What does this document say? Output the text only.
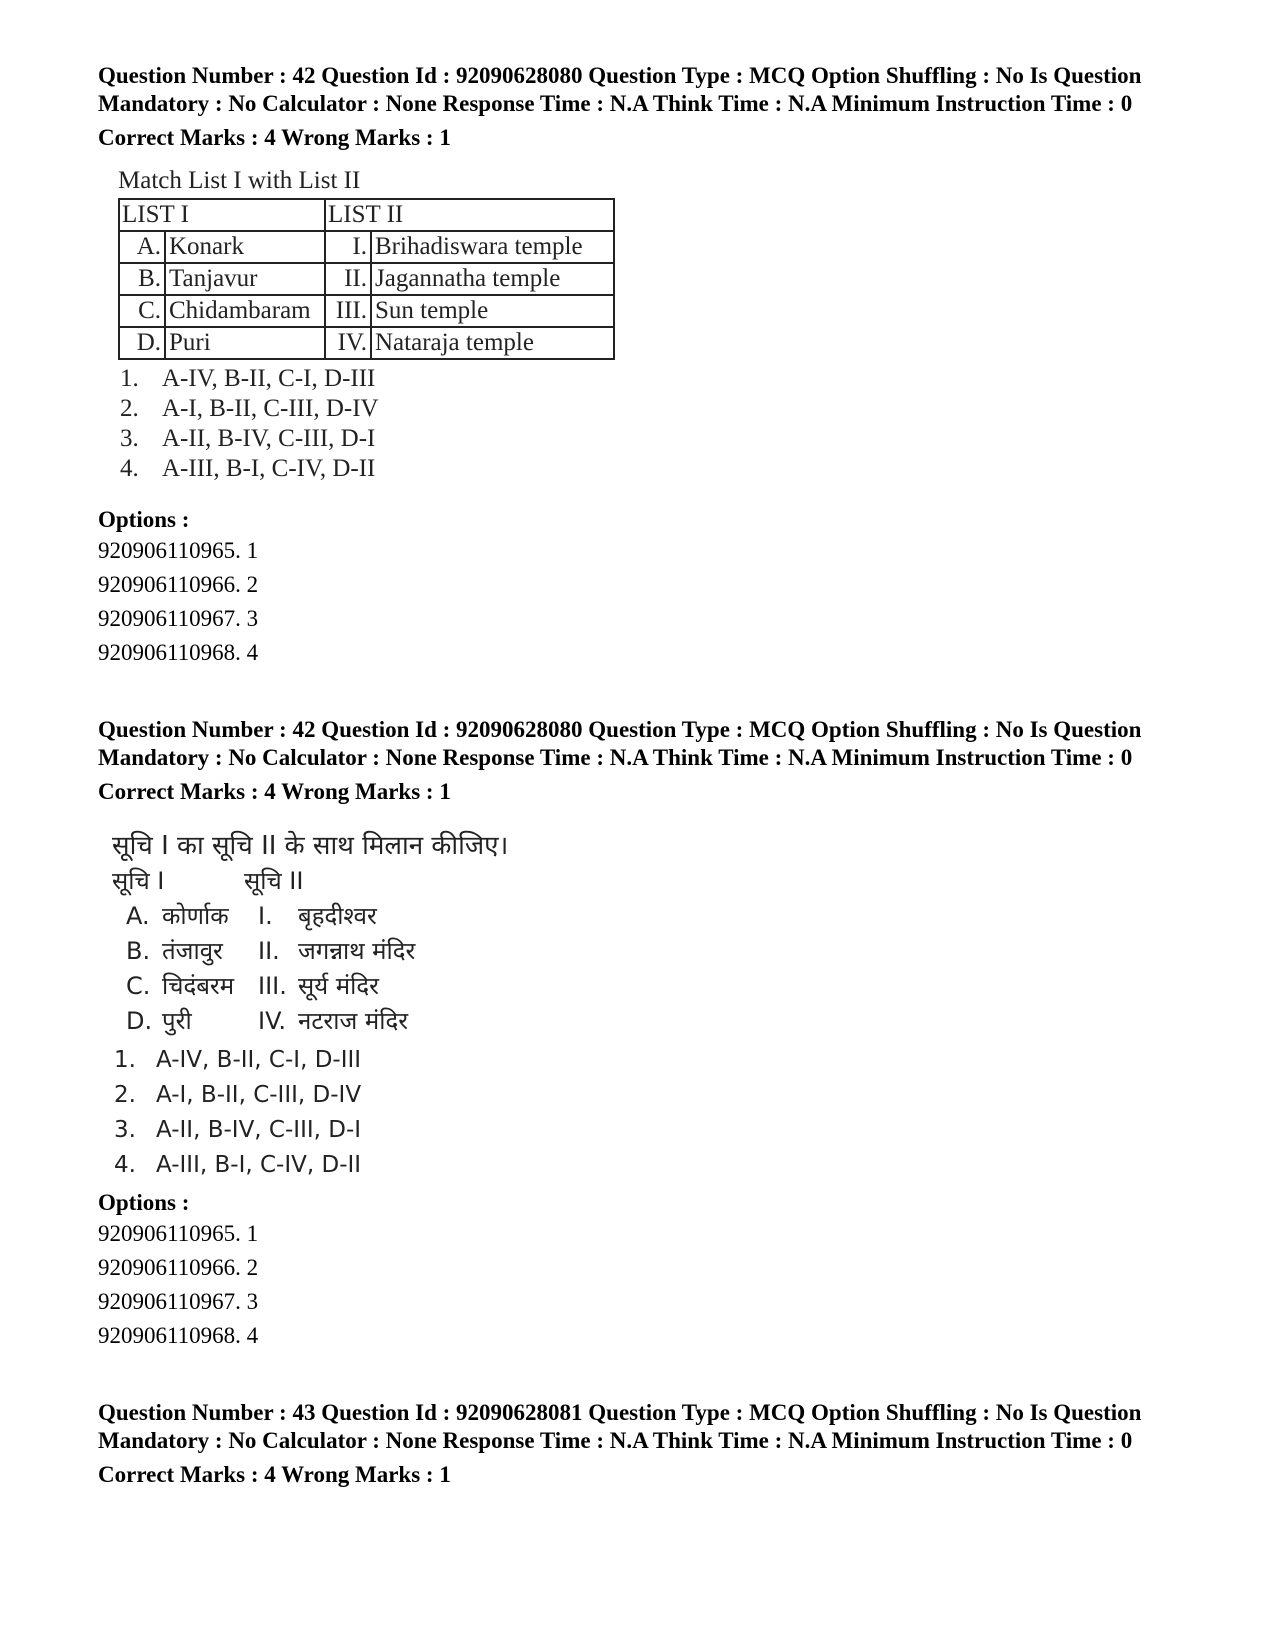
Question Number : 42 Question Id : 92090628080 Question Type : MCQ Option Shuffling : No Is Question Mandatory : No Calculator : None Response Time : N.A Think Time : N.A Minimum Instruction Time : 0

Correct Marks : 4 Wrong Marks : 1
Match List I with List II
LIST I		LIST II	
A.	Konark	I.	Brihadiswara temple
B.	Tanjavur	II.	Jagannatha temple
C.	Chidambaram	III.	Sun temple
D.	Puri	IV.	Nataraja temple
1. A-IV, B-II, C-I, D-III
2. A-I, B-II, C-III, D-IV
3. A-II, B-IV, C-III, D-I
4. A-III, B-I, C-IV, D-II
Options :
920906110965. 1
920906110966. 2
920906110967. 3
920906110968. 4

Question Number : 42 Question Id : 92090628080 Question Type : MCQ Option Shuffling : No Is Question Mandatory : No Calculator : None Response Time : N.A Think Time : N.A Minimum Instruction Time : 0

Correct Marks : 4 Wrong Marks : 1
सूचि I का सूचि II के साथ मिलान कीजिए।
सूचि I	सूचि II
A. कोर्णाक	I. बृहदीश्वर
B. तंजावुर	II. जगन्नाथ मंदिर
C. चिदंबरम III. सूर्य मंदिर
D. पुरी	IV. नटराज मंदिर
1. A-IV, B-II, C-I, D-III
2. A-I, B-II, C-III, D-IV
3. A-II, B-IV, C-III, D-I
4. A-III, B-I, C-IV, D-II
Options :
920906110965. 1
920906110966. 2
920906110967. 3
920906110968. 4

Question Number : 43 Question Id : 92090628081 Question Type : MCQ Option Shuffling : No Is Question Mandatory : No Calculator : None Response Time : N.A Think Time : N.A Minimum Instruction Time : 0

Correct Marks : 4 Wrong Marks : 1
